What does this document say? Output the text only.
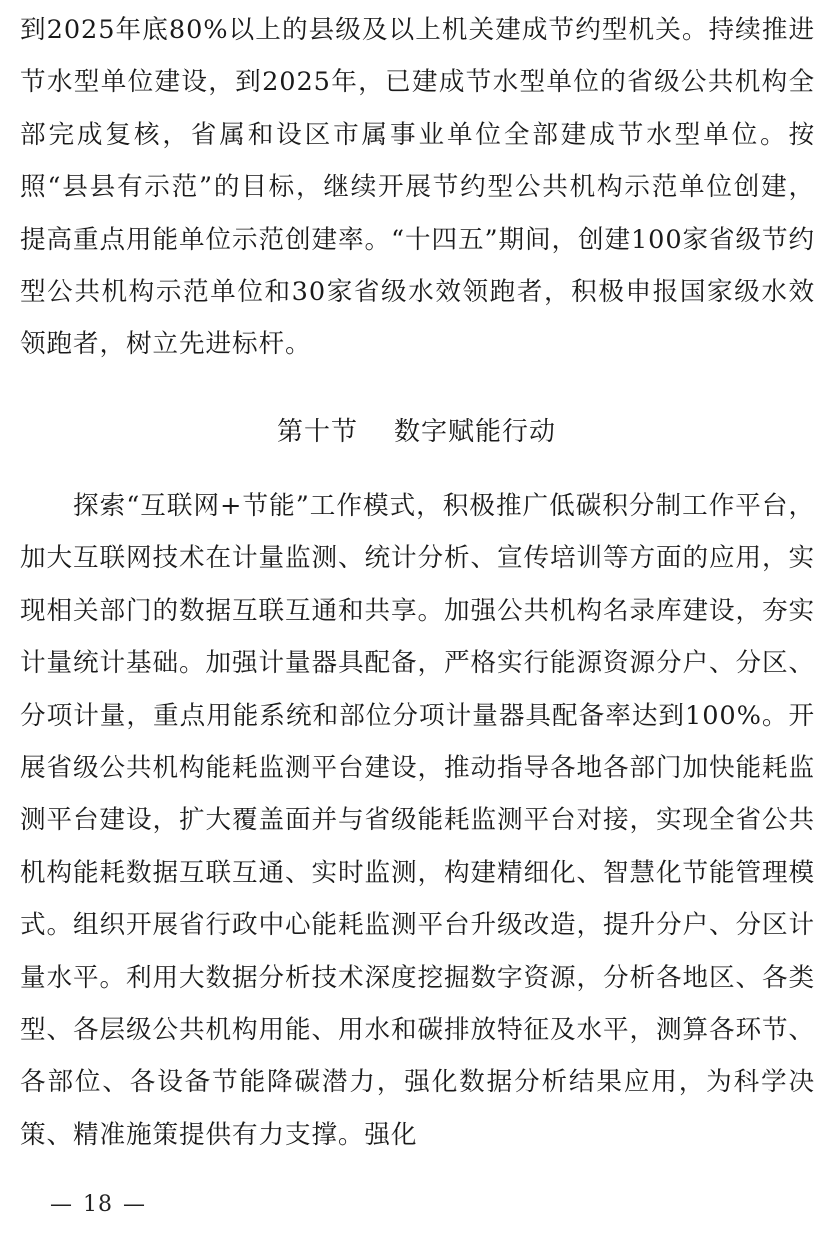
到2025年底80%以上的县级及以上机关建成节约型机关。持续推进节水型单位建设，到2025年，已建成节水型单位的省级公共机构全部完成复核，省属和设区市属事业单位全部建成节水型单位。按照“县县有示范”的目标，继续开展节约型公共机构示范单位创建，提高重点用能单位示范创建率。“十四五”期间，创建100家省级节约型公共机构示范单位和30家省级水效领跑者，积极申报国家级水效领跑者，树立先进标杆。

第十节 数字赋能行动

探索“互联网+节能”工作模式，积极推广低碳积分制工作平台，加大互联网技术在计量监测、统计分析、宣传培训等方面的应用，实现相关部门的数据互联互通和共享。加强公共机构名录库建设，夯实计量统计基础。加强计量器具配备，严格实行能源资源分户、分区、分项计量，重点用能系统和部位分项计量器具配备率达到100%。开展省级公共机构能耗监测平台建设，推动指导各地各部门加快能耗监测平台建设，扩大覆盖面并与省级能耗监测平台对接，实现全省公共机构能耗数据互联互通、实时监测，构建精细化、智慧化节能管理模式。组织开展省行政中心能耗监测平台升级改造，提升分户、分区计量水平。利用大数据分析技术深度挖掘数字资源，分析各地区、各类型、各层级公共机构用能、用水和碳排放特征及水平，测算各环节、各部位、各设备节能降碳潜力，强化数据分析结果应用，为科学决策、精准施策提供有力支撑。强化

— 18 —
